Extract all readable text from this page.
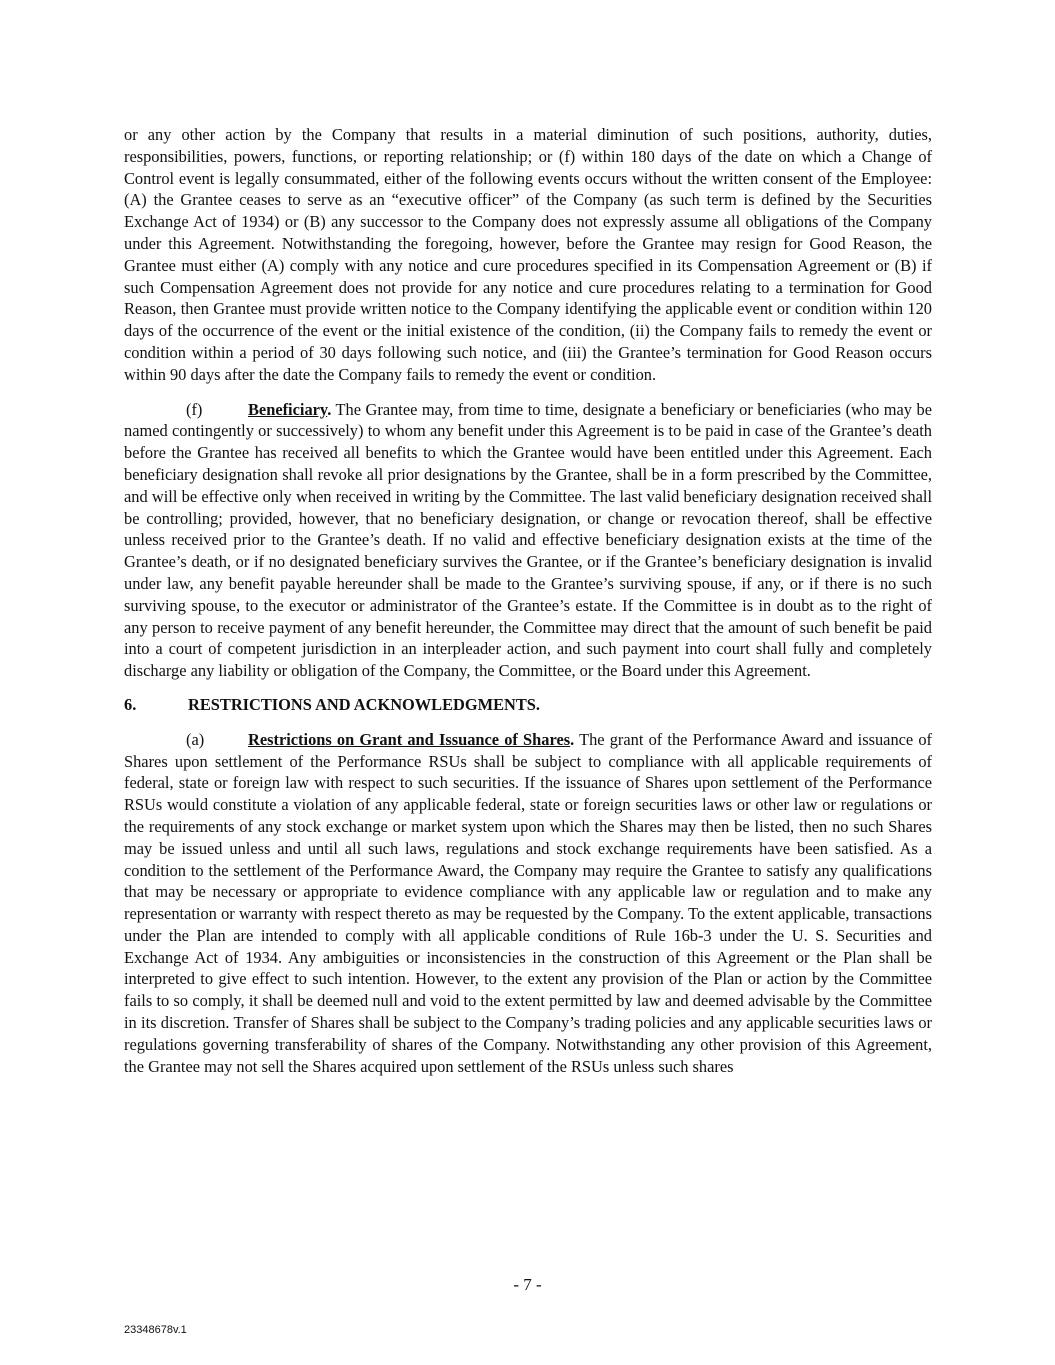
or any other action by the Company that results in a material diminution of such positions, authority, duties, responsibilities, powers, functions, or reporting relationship; or (f) within 180 days of the date on which a Change of Control event is legally consummated, either of the following events occurs without the written consent of the Employee: (A) the Grantee ceases to serve as an “executive officer” of the Company (as such term is defined by the Securities Exchange Act of 1934) or (B) any successor to the Company does not expressly assume all obligations of the Company under this Agreement. Notwithstanding the foregoing, however, before the Grantee may resign for Good Reason, the Grantee must either (A) comply with any notice and cure procedures specified in its Compensation Agreement or (B) if such Compensation Agreement does not provide for any notice and cure procedures relating to a termination for Good Reason, then Grantee must provide written notice to the Company identifying the applicable event or condition within 120 days of the occurrence of the event or the initial existence of the condition, (ii) the Company fails to remedy the event or condition within a period of 30 days following such notice, and (iii) the Grantee’s termination for Good Reason occurs within 90 days after the date the Company fails to remedy the event or condition.

(f)	Beneficiary. The Grantee may, from time to time, designate a beneficiary or beneficiaries (who may be named contingently or successively) to whom any benefit under this Agreement is to be paid in case of the Grantee’s death before the Grantee has received all benefits to which the Grantee would have been entitled under this Agreement. Each beneficiary designation shall revoke all prior designations by the Grantee, shall be in a form prescribed by the Committee, and will be effective only when received in writing by the Committee. The last valid beneficiary designation received shall be controlling; provided, however, that no beneficiary designation, or change or revocation thereof, shall be effective unless received prior to the Grantee’s death. If no valid and effective beneficiary designation exists at the time of the Grantee’s death, or if no designated beneficiary survives the Grantee, or if the Grantee’s beneficiary designation is invalid under law, any benefit payable hereunder shall be made to the Grantee’s surviving spouse, if any, or if there is no such surviving spouse, to the executor or administrator of the Grantee’s estate. If the Committee is in doubt as to the right of any person to receive payment of any benefit hereunder, the Committee may direct that the amount of such benefit be paid into a court of competent jurisdiction in an interpleader action, and such payment into court shall fully and completely discharge any liability or obligation of the Company, the Committee, or the Board under this Agreement.

6.	RESTRICTIONS AND ACKNOWLEDGMENTS.

(a)	Restrictions on Grant and Issuance of Shares. The grant of the Performance Award and issuance of Shares upon settlement of the Performance RSUs shall be subject to compliance with all applicable requirements of federal, state or foreign law with respect to such securities. If the issuance of Shares upon settlement of the Performance RSUs would constitute a violation of any applicable federal, state or foreign securities laws or other law or regulations or the requirements of any stock exchange or market system upon which the Shares may then be listed, then no such Shares may be issued unless and until all such laws, regulations and stock exchange requirements have been satisfied. As a condition to the settlement of the Performance Award, the Company may require the Grantee to satisfy any qualifications that may be necessary or appropriate to evidence compliance with any applicable law or regulation and to make any representation or warranty with respect thereto as may be requested by the Company. To the extent applicable, transactions under the Plan are intended to comply with all applicable conditions of Rule 16b-3 under the U. S. Securities and Exchange Act of 1934. Any ambiguities or inconsistencies in the construction of this Agreement or the Plan shall be interpreted to give effect to such intention. However, to the extent any provision of the Plan or action by the Committee fails to so comply, it shall be deemed null and void to the extent permitted by law and deemed advisable by the Committee in its discretion. Transfer of Shares shall be subject to the Company’s trading policies and any applicable securities laws or regulations governing transferability of shares of the Company. Notwithstanding any other provision of this Agreement, the Grantee may not sell the Shares acquired upon settlement of the RSUs unless such shares

- 7 -
23348678v.1
